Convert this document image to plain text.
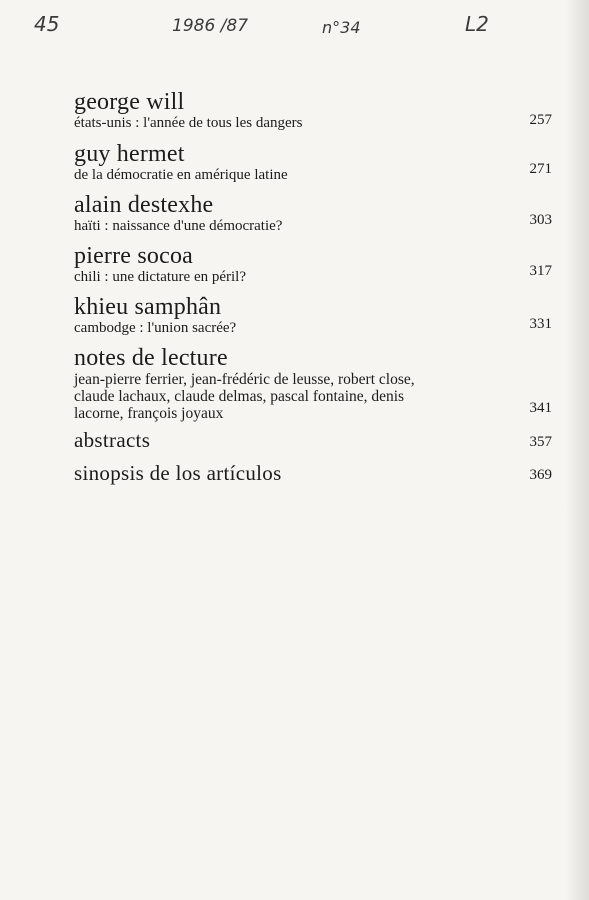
45	1986 /87	n°34	L2
george will
états-unis : l'année de tous les dangers	257
guy hermet
de la démocratie en amérique latine	271
alain destexhe
haïti : naissance d'une démocratie?	303
pierre socoa
chili : une dictature en péril?	317
khieu samphân
cambodge : l'union sacrée?	331
notes de lecture
jean-pierre ferrier, jean-frédéric de leusse, robert close,
claude lachaux, claude delmas, pascal fontaine, denis
lacorne, françois joyaux	341
abstracts	357
sinopsis de los artículos	369
